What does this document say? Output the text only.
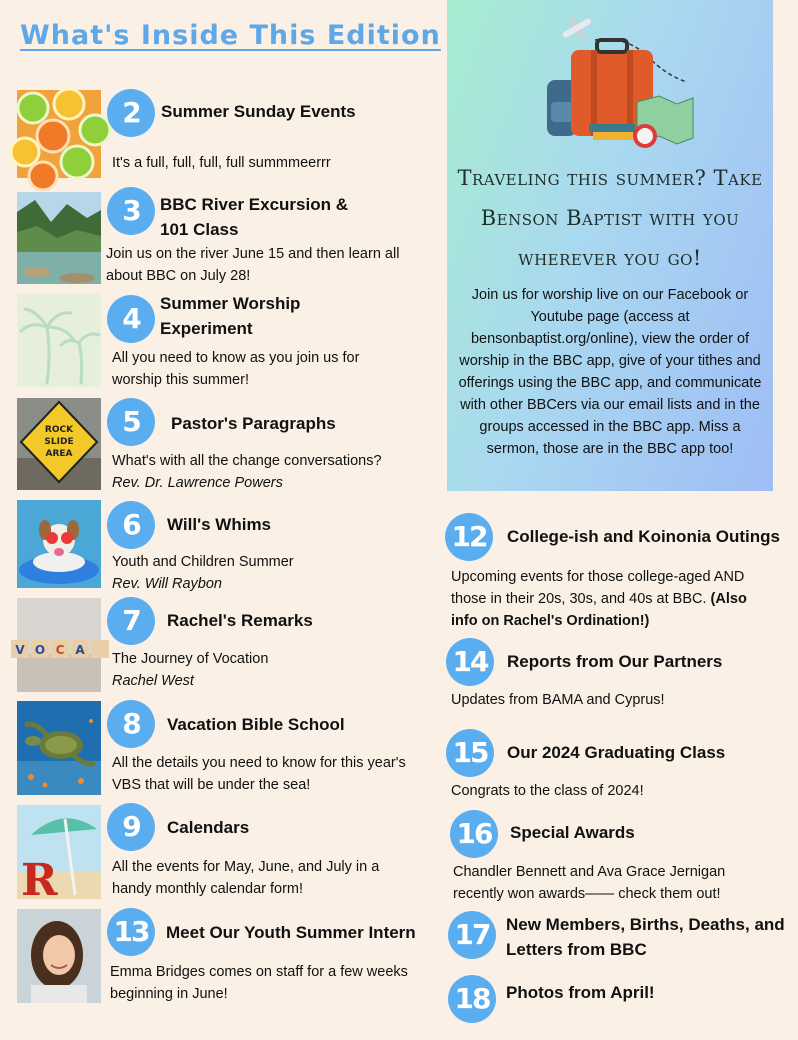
What's Inside This Edition
2	Summer Sunday Events
It's a full, full, full, full summmeerrr
3	BBC River Excursion & 101 Class
Join us on the river June 15 and then learn all about BBC on July 28!
4	Summer Worship Experiment
All you need to know as you join us for worship this summer!
ROCK
SLIDE
AREA
5	Pastor's Paragraphs
What's with all the change conversations?
Rev. Dr. Lawrence Powers
6	Will's Whims
Youth and Children Summer
Rev. Will Raybon
V O C A
7	Rachel's Remarks
The Journey of Vocation
Rachel West
8	Vacation Bible School
All the details you need to know for this year's VBS that will be under the sea!
R
9	Calendars
All the events for May, June, and July in a handy monthly calendar form!
13	Meet Our Youth Summer Intern
Emma Bridges comes on staff for a few weeks beginning in June!
Traveling this summer? Take Benson Baptist with you wherever you go!
Join us for worship live on our Facebook or Youtube page (access at bensonbaptist.org/online), view the order of worship in the BBC app, give of your tithes and offerings using the BBC app, and communicate with other BBCers via our email lists and in the groups accessed in the BBC app. Miss a sermon, those are in the BBC app too!
12	College-ish and Koinonia Outings
Upcoming events for those college-aged AND those in their 20s, 30s, and 40s at BBC. (Also info on Rachel's Ordination!)
14	Reports from Our Partners
Updates from BAMA and Cyprus!
15	Our 2024 Graduating Class
Congrats to the class of 2024!
16	Special Awards
Chandler Bennett and Ava Grace Jernigan recently won awards—— check them out!
17 New Members, Births, Deaths, and Letters from BBC
18 Photos from April!
